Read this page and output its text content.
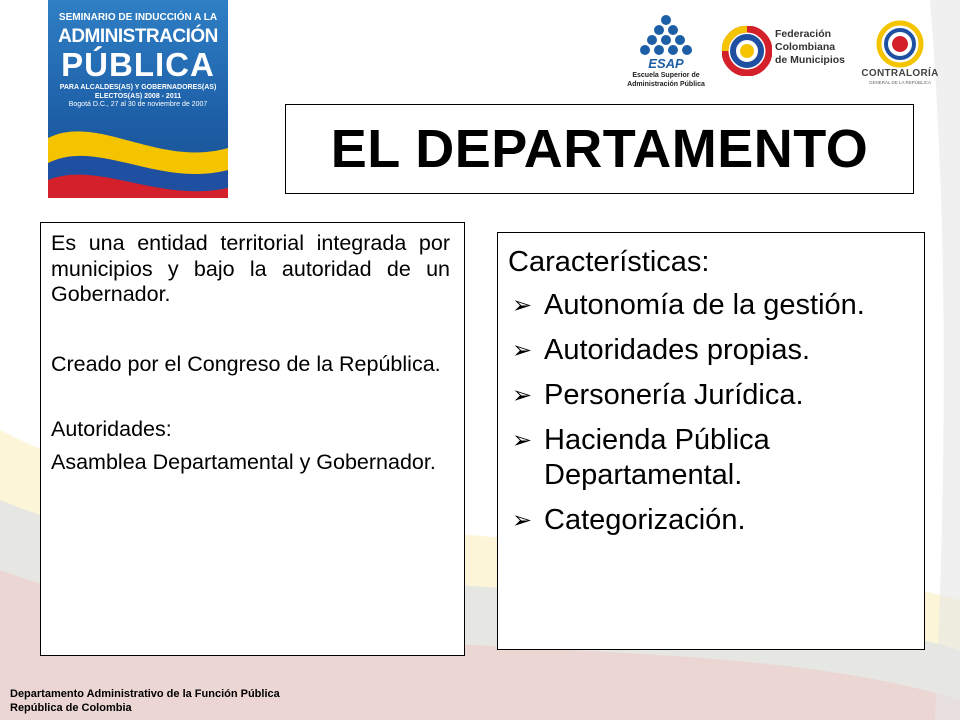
SEMINARIO DE INDUCCIÓN A LA
ADMINISTRACIÓN
PÚBLICA
PARA ALCALDES(AS) Y GOBERNADORES(AS) ELECTOS(AS) 2008 - 2011
Bogotá D.C., 27 al 30 de noviembre de 2007
ESAP
Escuela Superior de Administración Pública
Federación
Colombiana
de Municipios
CONTRALORÍA
GENERAL DE LA REPÚBLICA
EL DEPARTAMENTO

Es una entidad territorial integrada por municipios y bajo la autoridad de un Gobernador.

Creado por el Congreso de la República.

Autoridades:

Asamblea Departamental y Gobernador.

Características:
➢ Autonomía de la gestión.
➢ Autoridades propias.
➢ Personería Jurídica.
➢ Hacienda Pública Departamental.
➢ Categorización.
Departamento Administrativo de la Función Pública
República de Colombia
